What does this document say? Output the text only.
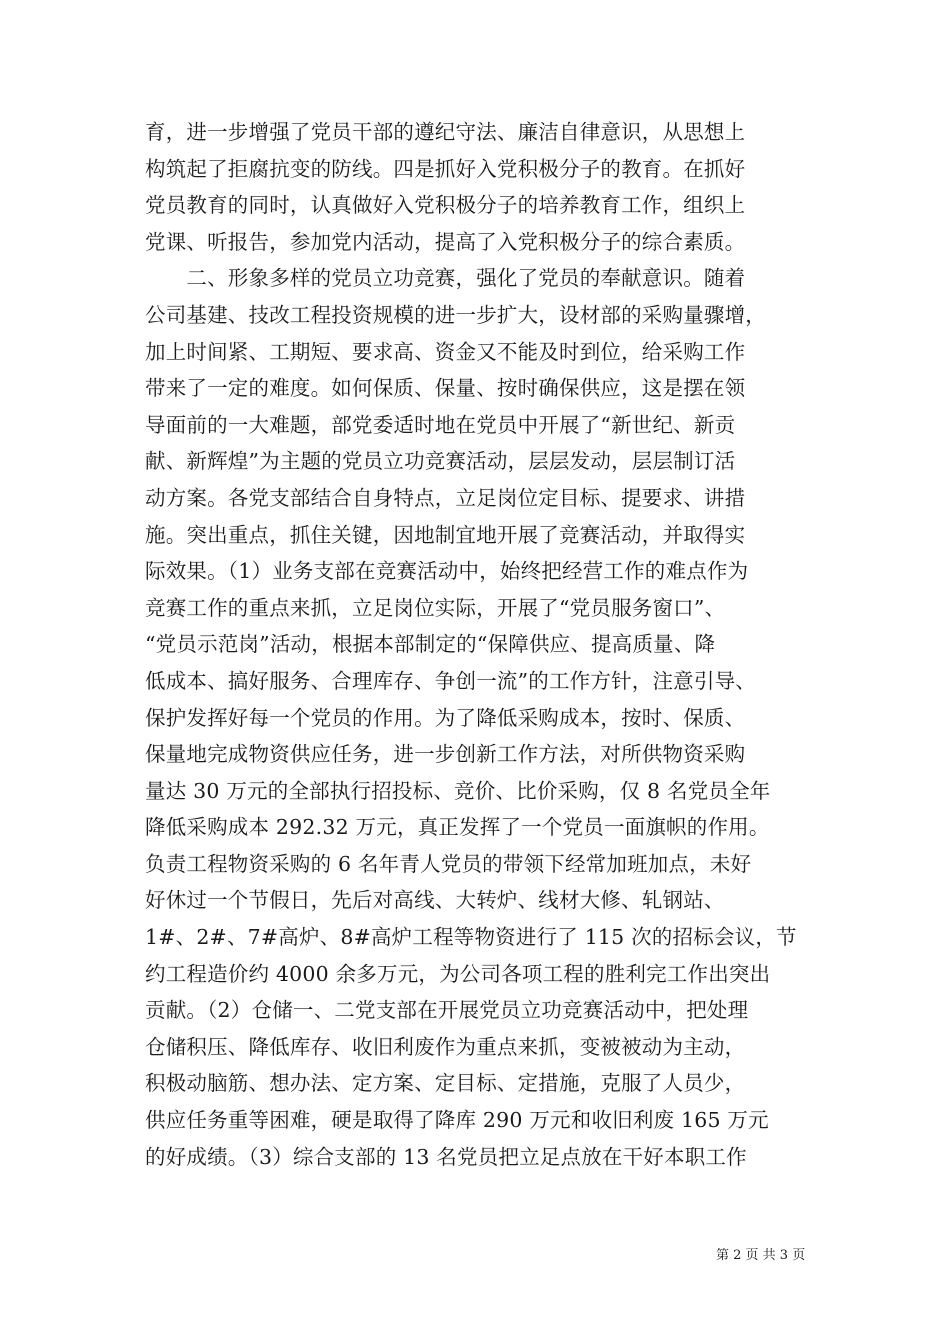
育，进一步增强了党员干部的遵纪守法、廉洁自律意识，从思想上
构筑起了拒腐抗变的防线。四是抓好入党积极分子的教育。在抓好
党员教育的同时，认真做好入党积极分子的培养教育工作，组织上
党课、听报告，参加党内活动，提高了入党积极分子的综合素质。
　　二、形象多样的党员立功竞赛，强化了党员的奉献意识。随着
公司基建、技改工程投资规模的进一步扩大，设材部的采购量骤增，
加上时间紧、工期短、要求高、资金又不能及时到位，给采购工作
带来了一定的难度。如何保质、保量、按时确保供应，这是摆在领
导面前的一大难题，部党委适时地在党员中开展了“新世纪、新贡
献、新辉煌”为主题的党员立功竞赛活动，层层发动，层层制订活
动方案。各党支部结合自身特点，立足岗位定目标、提要求、讲措
施。突出重点，抓住关键，因地制宜地开展了竞赛活动，并取得实
际效果。（1）业务支部在竞赛活动中，始终把经营工作的难点作为
竞赛工作的重点来抓，立足岗位实际，开展了“党员服务窗口”、
“党员示范岗”活动，根据本部制定的“保障供应、提高质量、降
低成本、搞好服务、合理库存、争创一流”的工作方针，注意引导、
保护发挥好每一个党员的作用。为了降低采购成本，按时、保质、
保量地完成物资供应任务，进一步创新工作方法，对所供物资采购
量达 30 万元的全部执行招投标、竞价、比价采购，仅 8 名党员全年
降低采购成本 292.32 万元，真正发挥了一个党员一面旗帜的作用。
负责工程物资采购的 6 名年青人党员的带领下经常加班加点，未好
好休过一个节假日，先后对高线、大转炉、线材大修、轧钢站、
1#、2#、7#高炉、8#高炉工程等物资进行了 115 次的招标会议，节
约工程造价约 4000 余多万元，为公司各项工程的胜利完工作出突出
贡献。（2）仓储一、二党支部在开展党员立功竞赛活动中，把处理
仓储积压、降低库存、收旧利废作为重点来抓，变被被动为主动，
积极动脑筋、想办法、定方案、定目标、定措施，克服了人员少，
供应任务重等困难，硬是取得了降库 290 万元和收旧利废 165 万元
的好成绩。（3）综合支部的 13 名党员把立足点放在干好本职工作
第 2 页 共 3 页
